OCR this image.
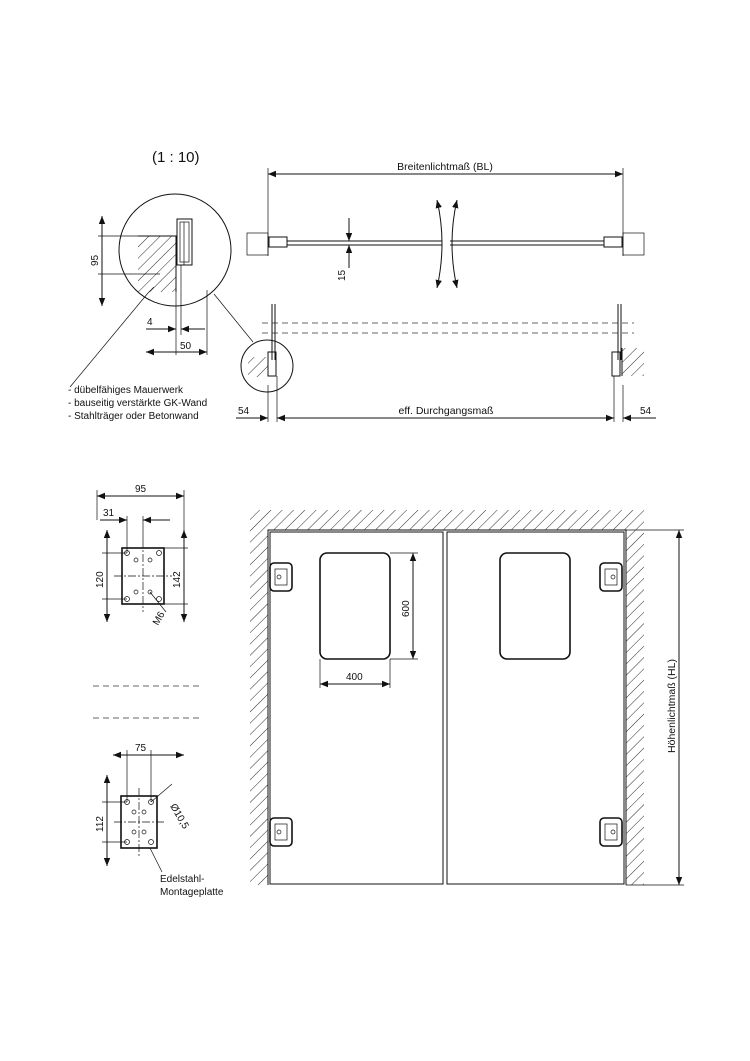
(1 : 10)
95
4
50
- dübelfähiges Mauerwerk
- bauseitig verstärkte GK-Wand
- Stahlträger oder Betonwand
Breitenlichtmaß (BL)
15
eff. Durchgangsmaß
54	54
95
31
120	142
M6
75
112	Ø10,5
Edelstahl-
Montageplatte
600
400	Höhenlichtmaß (HL)
